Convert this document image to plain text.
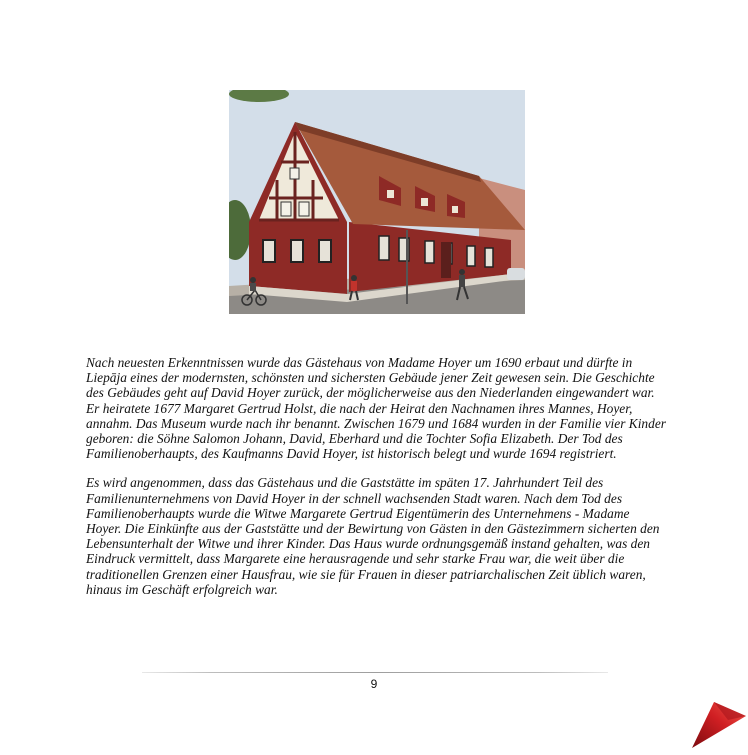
Nach neuesten Erkenntnissen wurde das Gästehaus von Madame Hoyer um 1690 erbaut und dürfte in Liepāja eines der modernsten, schönsten und sichersten Gebäude jener Zeit gewesen sein. Die Geschichte des Gebäudes geht auf David Hoyer zurück, der möglicherweise aus den Niederlanden eingewandert war. Er heiratete 1677 Margaret Gertrud Holst, die nach der Heirat den Nachnamen ihres Mannes, Hoyer, annahm. Das Museum wurde nach ihr benannt. Zwischen 1679 und 1684 wurden in der Familie vier Kinder geboren: die Söhne Salomon Johann, David, Eberhard und die Tochter Sofia Elizabeth. Der Tod des Familienoberhaupts, des Kaufmanns David Hoyer, ist historisch belegt und wurde 1694 registriert.

Es wird angenommen, dass das Gästehaus und die Gaststätte im späten 17. Jahrhundert Teil des Familienunternehmens von David Hoyer in der schnell wachsenden Stadt waren. Nach dem Tod des Familienoberhaupts wurde die Witwe Margarete Gertrud Eigentümerin des Unternehmens - Madame Hoyer. Die Einkünfte aus der Gaststätte und der Bewirtung von Gästen in den Gästezimmern sicherten den Lebensunterhalt der Witwe und ihrer Kinder. Das Haus wurde ordnungsgemäß instand gehalten, was den Eindruck vermittelt, dass Margarete eine herausragende und sehr starke Frau war, die weit über die traditionellen Grenzen einer Hausfrau, wie sie für Frauen in dieser patriarchalischen Zeit üblich waren, hinaus im Geschäft erfolgreich war.

9
